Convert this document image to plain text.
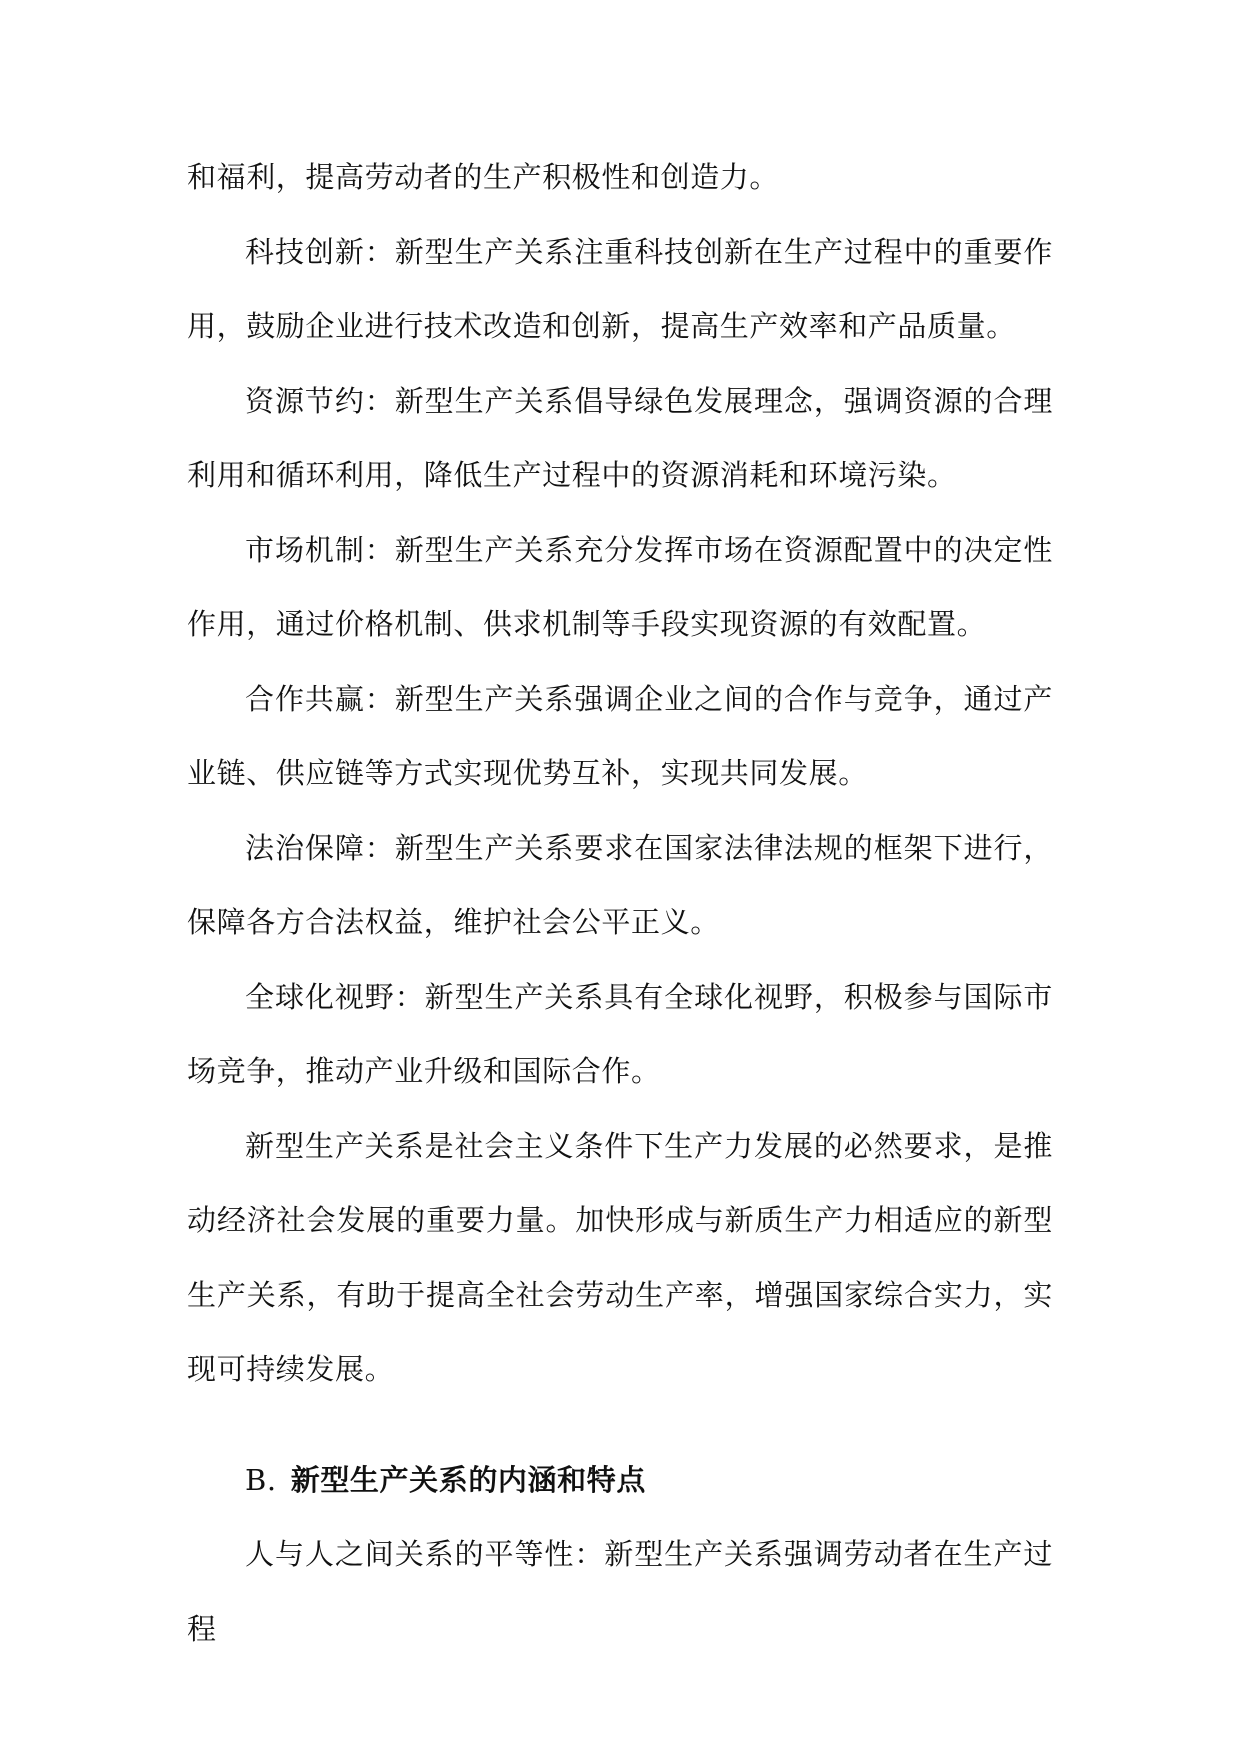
和福利，提高劳动者的生产积极性和创造力。

科技创新：新型生产关系注重科技创新在生产过程中的重要作用，鼓励企业进行技术改造和创新，提高生产效率和产品质量。

资源节约：新型生产关系倡导绿色发展理念，强调资源的合理利用和循环利用，降低生产过程中的资源消耗和环境污染。

市场机制：新型生产关系充分发挥市场在资源配置中的决定性作用，通过价格机制、供求机制等手段实现资源的有效配置。

合作共赢：新型生产关系强调企业之间的合作与竞争，通过产业链、供应链等方式实现优势互补，实现共同发展。

法治保障：新型生产关系要求在国家法律法规的框架下进行，保障各方合法权益，维护社会公平正义。

全球化视野：新型生产关系具有全球化视野，积极参与国际市场竞争，推动产业升级和国际合作。

新型生产关系是社会主义条件下生产力发展的必然要求，是推动经济社会发展的重要力量。加快形成与新质生产力相适应的新型生产关系，有助于提高全社会劳动生产率，增强国家综合实力，实现可持续发展。

B. 新型生产关系的内涵和特点

人与人之间关系的平等性：新型生产关系强调劳动者在生产过程
